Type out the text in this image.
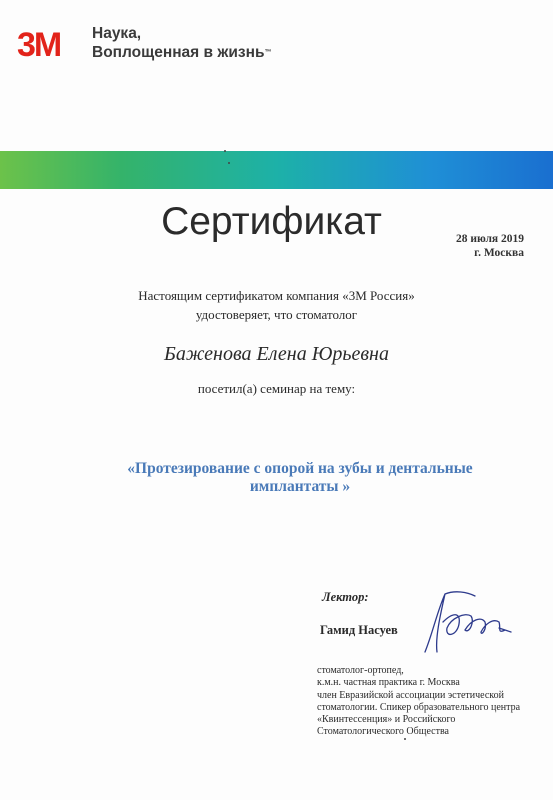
3M Наука,
Воплощенная в жизнь™
Сертификат	28 июля 2019
г. Москва
Настоящим сертификатом компания «3М Россия»
удостоверяет, что стоматолог
Баженова Елена Юрьевна
посетил(а) семинар на тему:
«Протезирование с опорой на зубы и дентальные
имплантаты »
Лектор:
Гамид Насуев
стоматолог-ортопед,
к.м.н. частная практика г. Москва
член Евразийской ассоциации эстетической
стоматологии. Спикер образовательного центра
«Квинтессенция» и Российского
Стоматологического Общества
